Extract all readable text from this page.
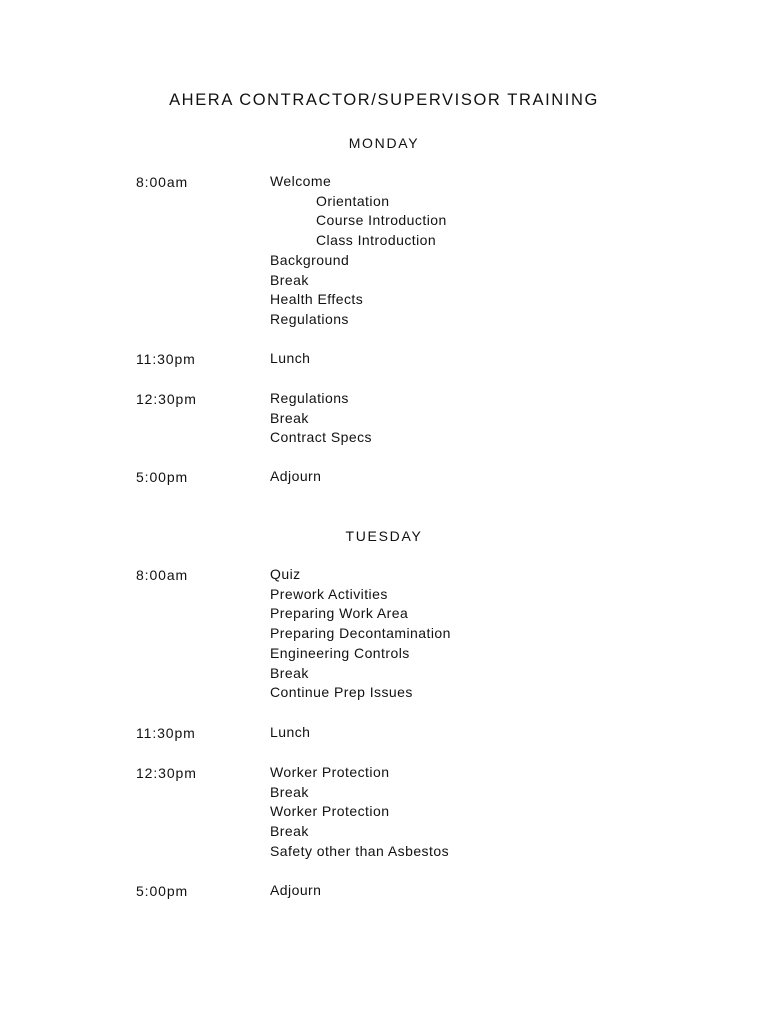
AHERA CONTRACTOR/SUPERVISOR TRAINING
MONDAY
8:00am	Welcome
Orientation
Course Introduction
Class Introduction
Background
Break
Health Effects
Regulations
11:30pm	Lunch
12:30pm	Regulations
Break
Contract Specs
5:00pm	Adjourn
TUESDAY
8:00am	Quiz
Prework Activities
Preparing Work Area
Preparing Decontamination
Engineering Controls
Break
Continue Prep Issues
11:30pm	Lunch
12:30pm	Worker Protection
Break
Worker Protection
Break
Safety other than Asbestos
5:00pm	Adjourn
